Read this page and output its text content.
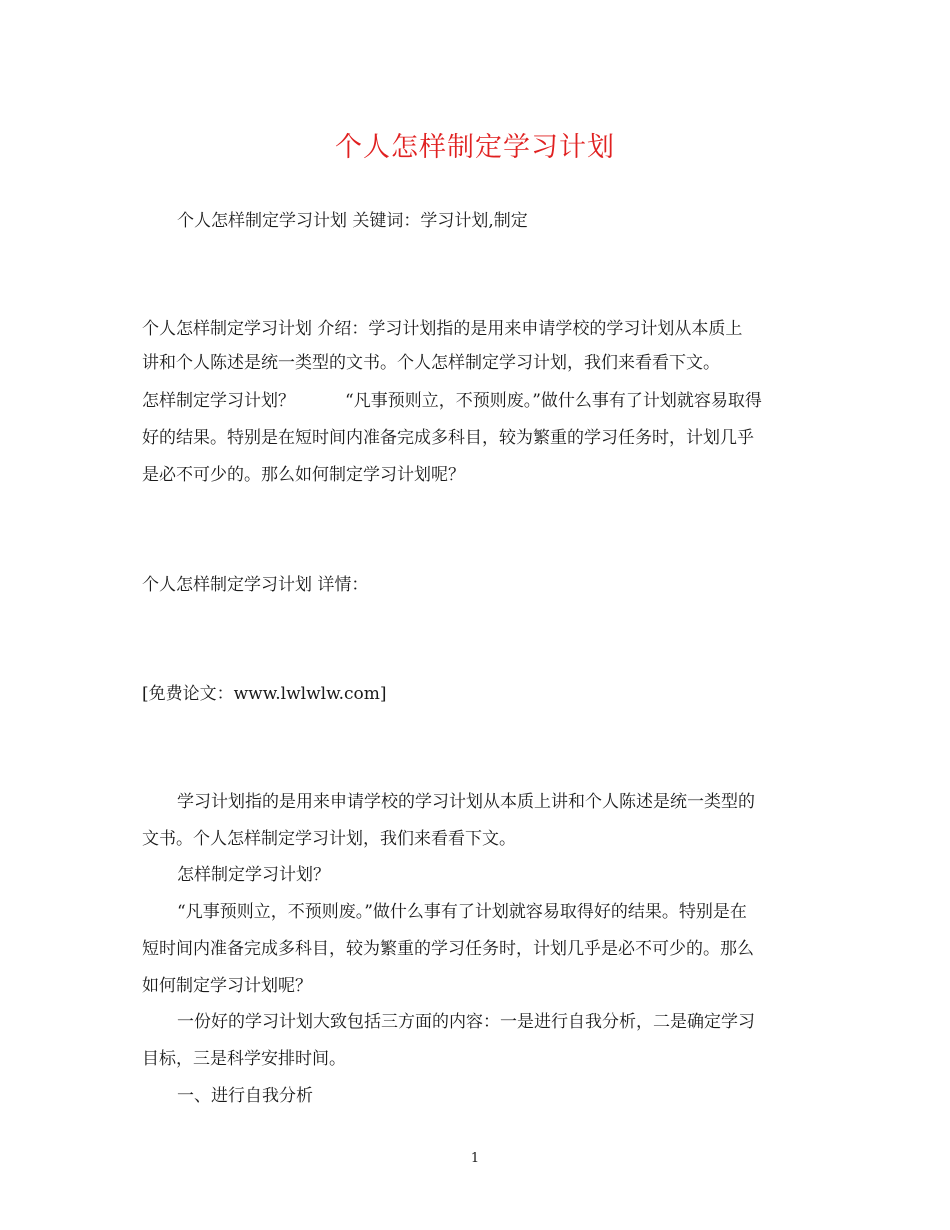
个人怎样制定学习计划
个人怎样制定学习计划 关键词：学习计划,制定
个人怎样制定学习计划 介绍：学习计划指的是用来申请学校的学习计划从本质上
讲和个人陈述是统一类型的文书。个人怎样制定学习计划，我们来看看下文。
怎样制定学习计划？	“凡事预则立，不预则废。”做什么事有了计划就容易取得
好的结果。特别是在短时间内准备完成多科目，较为繁重的学习任务时，计划几乎
是必不可少的。那么如何制定学习计划呢？
个人怎样制定学习计划 详情：
[免费论文：www.lwlwlw.com]
学习计划指的是用来申请学校的学习计划从本质上讲和个人陈述是统一类型的
文书。个人怎样制定学习计划，我们来看看下文。
怎样制定学习计划？
“凡事预则立，不预则废。”做什么事有了计划就容易取得好的结果。特别是在
短时间内准备完成多科目，较为繁重的学习任务时，计划几乎是必不可少的。那么
如何制定学习计划呢？
一份好的学习计划大致包括三方面的内容：一是进行自我分析，二是确定学习
目标，三是科学安排时间。
一、进行自我分析
1
